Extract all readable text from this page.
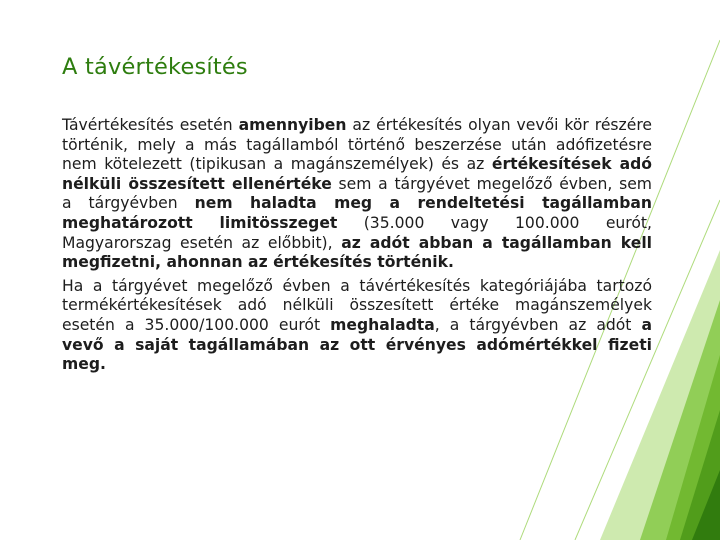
A távértékesítés

Távértékesítés esetén amennyiben az értékesítés olyan vevői kör részére történik, mely a más tagállamból történő beszerzése után adófizetésre nem kötelezett (tipikusan a magánszemélyek) és az értékesítések adó nélküli összesített ellenértéke sem a tárgyévet megelőző évben, sem a tárgyévben nem haladta meg a rendeltetési tagállamban meghatározott limitösszeget (35.000 vagy 100.000 eurót, Magyarorszag esetén az előbbit), az adót abban a tagállamban kell megfizetni, ahonnan az értékesítés történik.

Ha a tárgyévet megelőző évben a távértékesítés kategóriájába tartozó termékértékesítések adó nélküli összesített értéke magánszemélyek esetén a 35.000/100.000 eurót meghaladta, a tárgyévben az adót a vevő a saját tagállamában az ott érvényes adómértékkel fizeti meg.
